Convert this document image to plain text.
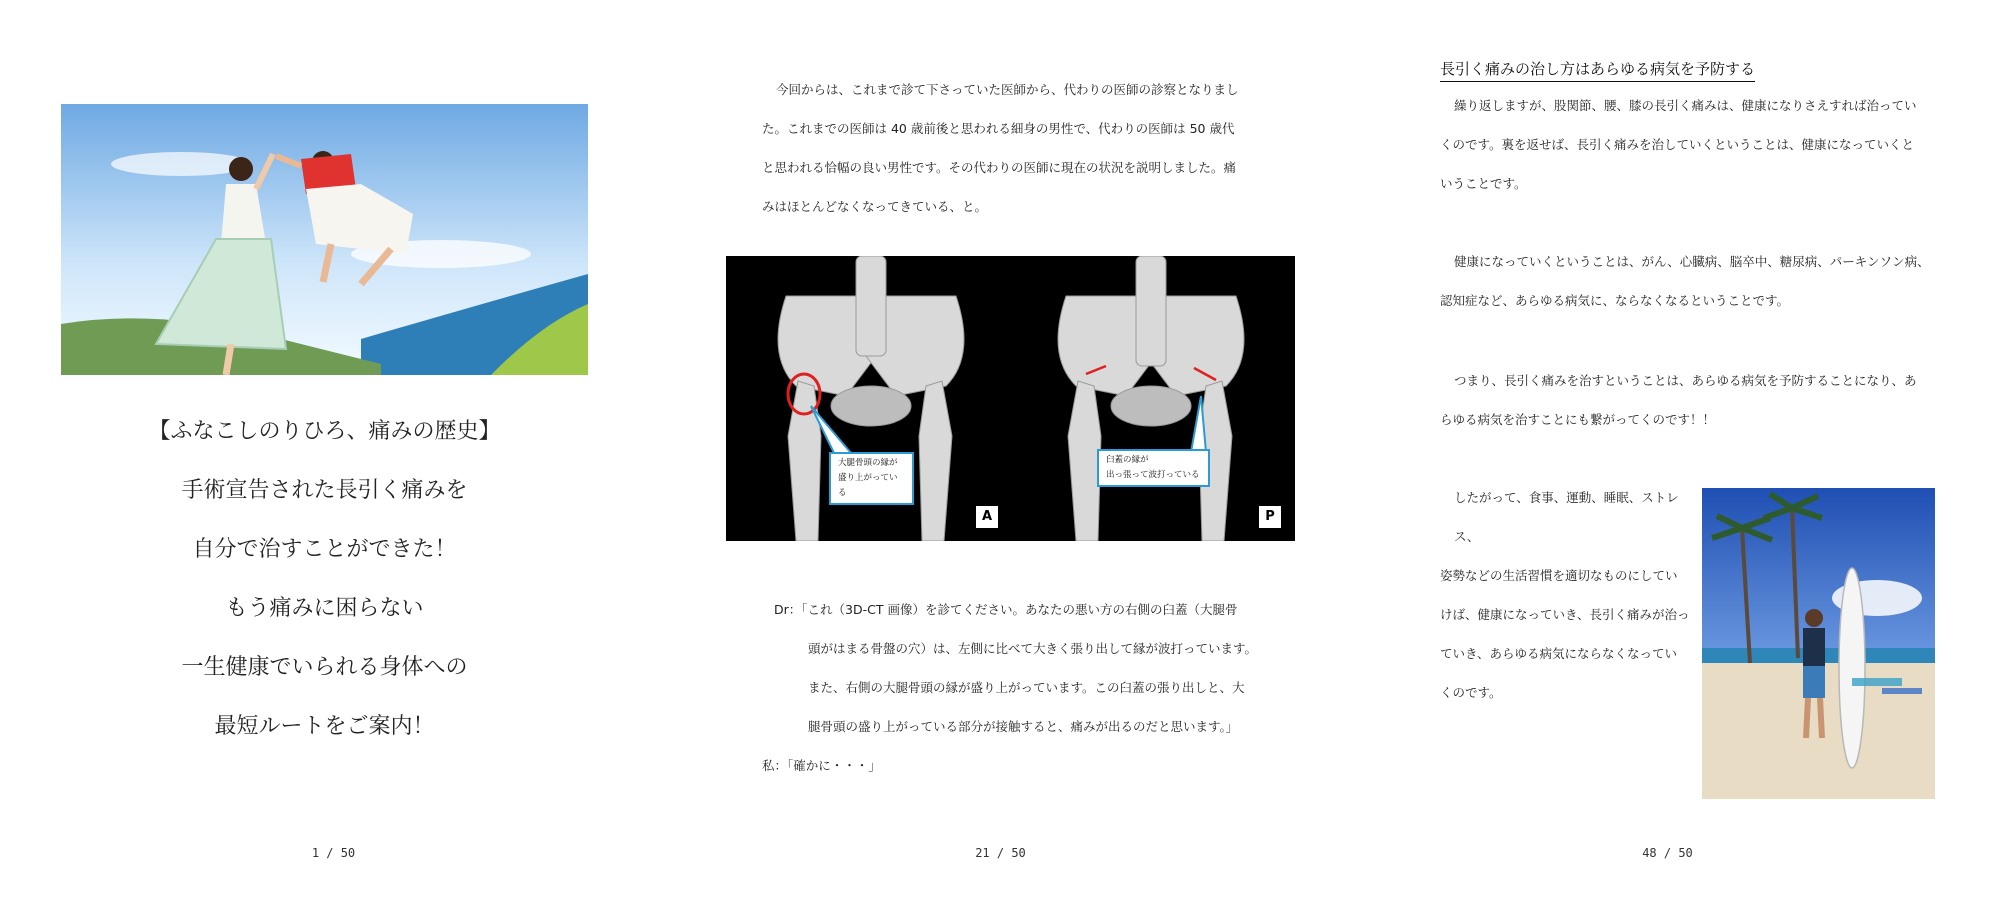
【ふなこしのりひろ、痛みの歴史】
手術宣告された長引く痛みを
自分で治すことができた！
もう痛みに困らない
一生健康でいられる身体への
最短ルートをご案内！
1 / 50
今回からは、これまで診て下さっていた医師から、代わりの医師の診察となりまし
た。これまでの医師は 40 歳前後と思われる細身の男性で、代わりの医師は 50 歳代
と思われる恰幅の良い男性です。その代わりの医師に現在の状況を説明しました。痛
みはほとんどなくなってきている、と。
大腿骨頭の縁が
盛り上がっている
臼蓋の縁が
出っ張って波打っている
A	P
Dr：「これ（3D-CT 画像）を診てください。あなたの悪い方の右側の臼蓋（大腿骨
頭がはまる骨盤の穴）は、左側に比べて大きく張り出して縁が波打っています。
また、右側の大腿骨頭の縁が盛り上がっています。この臼蓋の張り出しと、大
腿骨頭の盛り上がっている部分が接触すると、痛みが出るのだと思います。」
私：「確かに・・・」
21 / 50
長引く痛みの治し方はあらゆる病気を予防する
繰り返しますが、股関節、腰、膝の長引く痛みは、健康になりさえすれば治ってい
くのです。裏を返せば、長引く痛みを治していくということは、健康になっていくと
いうことです。
健康になっていくということは、がん、心臓病、脳卒中、糖尿病、パーキンソン病、
認知症など、あらゆる病気に、ならなくなるということです。
つまり、長引く痛みを治すということは、あらゆる病気を予防することになり、あ
らゆる病気を治すことにも繋がってくのです！！
したがって、食事、運動、睡眠、ストレス、
姿勢などの生活習慣を適切なものにしてい
けば、健康になっていき、長引く痛みが治っ
ていき、あらゆる病気にならなくなってい
くのです。
48 / 50
